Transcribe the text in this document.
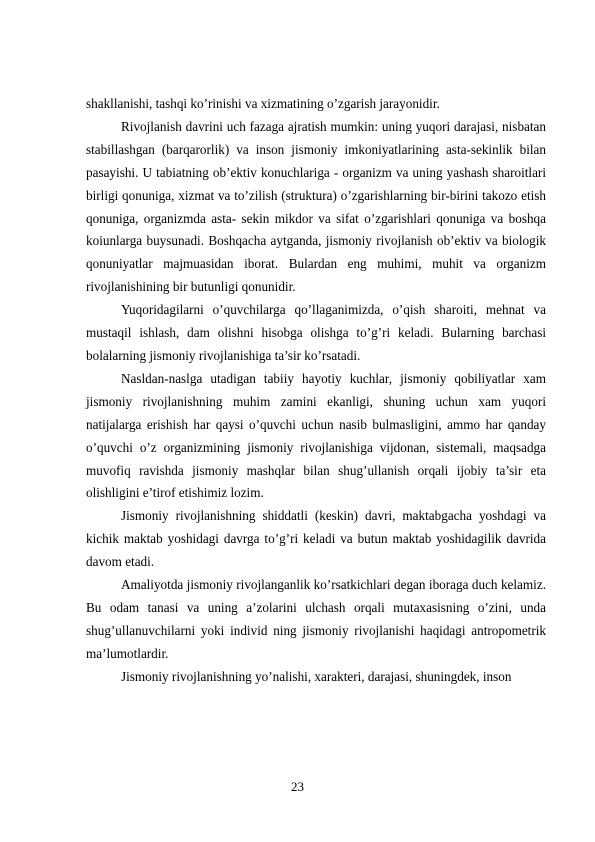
shakllanishi, tashqi ko’rinishi va xizmatining o’zgarish jarayonidir.

Rivojlanish davrini uch fazaga ajratish mumkin: uning yuqori darajasi, nisbatan stabillashgan (barqarorlik) va inson jismoniy imkoniyatlarining asta-sekinlik bilan pasayishi. U tabiatning ob’ektiv konuchlariga - organizm va uning yashash sharoitlari birligi qonuniga, xizmat va to’zilish (struktura) o’zgarishlarning bir-birini takozo etish qonuniga, organizmda asta- sekin mikdor va sifat o’zgarishlari qonuniga va boshqa koiunlarga buysunadi. Boshqacha aytganda, jismoniy rivojlanish ob’ektiv va biologik qonuniyatlar majmuasidan iborat. Bulardan eng muhimi, muhit va organizm rivojlanishining bir butunligi qonunidir.

Yuqoridagilarni o’quvchilarga qo’llaganimizda, o’qish sharoiti, mehnat va mustaqil ishlash, dam olishni hisobga olishga to’g’ri keladi. Bularning barchasi bolalarning jismoniy rivojlanishiga ta’sir ko’rsatadi.

Nasldan-naslga utadigan tabiiy hayotiy kuchlar, jismoniy qobiliyatlar xam jismoniy rivojlanishning muhim zamini ekanligi, shuning uchun xam yuqori natijalarga erishish har qaysi o’quvchi uchun nasib bulmasligini, ammo har qanday o’quvchi o’z organizmining jismoniy rivojlanishiga vijdonan, sistemali, maqsadga muvofiq ravishda jismoniy mashqlar bilan shug’ullanish orqali ijobiy ta’sir eta olishligini e’tirof etishimiz lozim.

Jismoniy rivojlanishning shiddatli (keskin) davri, maktabgacha yoshdagi va kichik maktab yoshidagi davrga to’g’ri keladi va butun maktab yoshidagilik davrida davom etadi.

Amaliyotda jismoniy rivojlanganlik ko’rsatkichlari degan iboraga duch kelamiz. Bu odam tanasi va uning a’zolarini ulchash orqali mutaxasisning o’zini, unda shug’ullanuvchilarni yoki individ ning jismoniy rivojlanishi haqidagi antropometrik ma’lumotlardir.

Jismoniy rivojlanishning yo’nalishi, xarakteri, darajasi, shuningdek, inson

23
